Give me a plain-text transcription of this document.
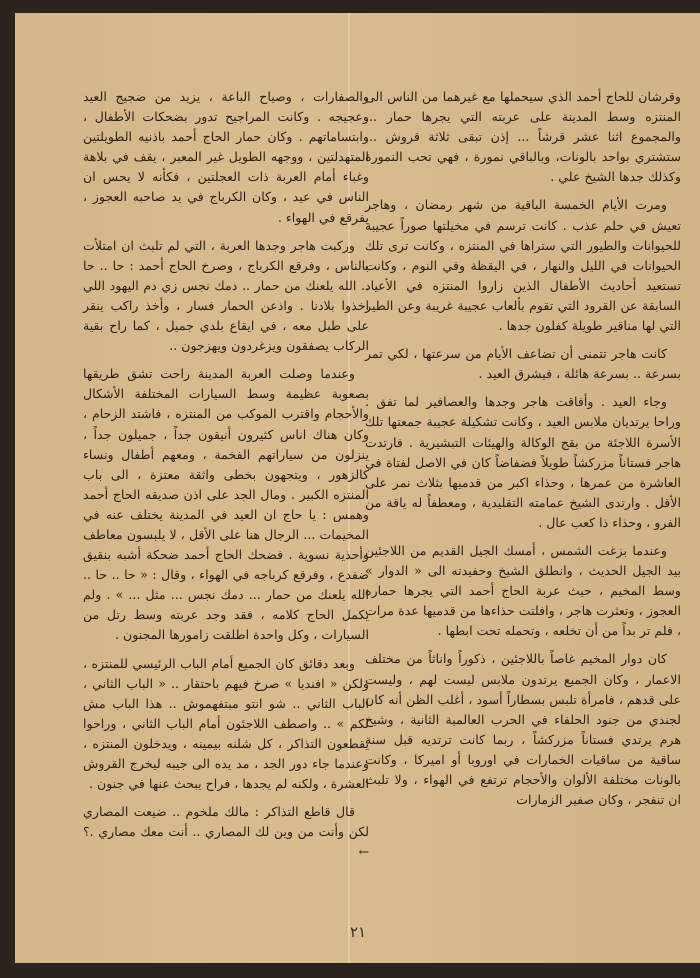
وقرشان للحاج أحمد الذي سيحملها مع غيرهما من الناس الى المنتزه وسط المدينة على عربته التي يجرها حمار ... والمجموع اثنا عشر قرشاً ... إذن تبقى ثلاثة قروش ... ستشتري بواحد بالونات، وبالباقي نمورة ، فهي تحب النمورة وكذلك جدها الشيخ علي .

ومرت الأيام الخمسة الباقية من شهر رمضان ، وهاجر تعيش في حلم عذب . كانت ترسم في مخيلتها صوراً عجيبة للحيوانات والطيور التي ستراها في المنتزه ، وكانت ترى تلك الحيوانات في الليل والنهار ، في اليقظة وفي النوم ، وكانت تستعيد أحاديث الأطفال الذين زاروا المنتزه في الأعياد السابقة عن القرود التي تقوم بألعاب عجيبة غريبة وعن الطير التي لها مناقير طويلة كفلون جدها .

كانت هاجر تتمنى أن تضاعف الأيام من سرعتها ، لكي تمر بسرعة .. بسرعة هائلة ، فيشرق العيد .

وجاء العيد . وأفاقت هاجر وجدها والعصافير لما تفق . وراحا يرتديان ملابس العيد ، وكانت تشكيلة عجيبة جمعتها تلك الأسرة اللاجئة من بقج الوكالة والهيئات التبشيرية . فارتدت هاجر فستاناً مزركشاً طويلاً فضفاضاً كان في الاصل لفتاة في العاشرة من عمرها ، وحذاء اكبر من قدميها بثلاث نمر على الأقل . وارتدى الشيخ عمامته التقليدية ، ومعطفاً له ياقة من الفرو ، وحذاء ذا كعب عال .

وعندما بزغت الشمس ، أمسك الجيل القديم من اللاجئين بيد الجيل الحديث ، وانطلق الشيخ وحفيدته الى « الدوار » وسط المخيم ، حيث عربة الحاج أحمد التي يجرها حماره العجوز ، وتعثرت هاجر ، وافلتت حذاءها من قدميها عدة مرات ، فلم تر بداً من أن تخلعه ، وتحمله تحت ابطها .

كان دوار المخيم غاصاً باللاجئين ، ذكوراً واناثاً من مختلف الاعمار ، وكان الجميع يرتدون ملابس ليست لهم ، وليست على قدهم ، فامرأة تلبس بسطاراً أسود ، أغلب الظن أنه كان لجندي من جنود الحلفاء في الحرب العالمية الثانية ، وشيخ هرم يرتدي فستاناً مزركشاً ، ربما كانت ترتديه قبل سنة ساقية من ساقيات الخمارات في اوروبا أو اميركا ، وكانت بالونات مختلفة الألوان والأحجام ترتفع في الهواء ، ولا تلبث ان تنفجر ، وكان صفير الزمارات

والصفارات ، وصياح الباعة ، يزيد من ضجيج العيد وعجيجه . وكانت المراجيح تدور بضحكات الأطفال ، وابتساماتهم . وكان حمار الحاج أحمد باذنيه الطويلتين المتهدلتين ، ووجهه الطويل غير المعبر ، يقف في بلاهة وغباء أمام العربة ذات العجلتين ، فكأنه لا يحس ان الناس في عيد ، وكان الكرباج في يد صاحبه العجوز ، يفرقع في الهواء .

وركبت هاجر وجدها العربة ، التي لم تلبث ان امتلأت بالناس ، وفرقع الكرباج ، وصرخ الحاج أحمد : حا .. حا .. الله يلعنك من حمار .. دمك نجس زي دم اليهود اللي اخذوا بلادنا . واذعن الحمار فسار ، وأخذ راكب ينقر على طبل معه ، في ايقاع بلدي جميل ، كما راح بقية الركاب يصفقون ويزغردون ويهزجون ..

وعندما وصلت العربة المدينة راحت تشق طريقها بصعوبة عظيمة وسط السيارات المختلفة الأشكال والأحجام واقترب الموكب من المنتزه ، فاشتد الزحام ، وكان هناك اناس كثيرون أنيقون جداً ، جميلون جداً ، ينزلون من سياراتهم الفخمة ، ومعهم أطفال ونساء كالزهور ، ويتجهون بخطى واثقة معتزة ، الى باب المنتزه الكبير . ومال الجد على اذن صديقه الحاج أحمد وهمس : يا حاج ان العيد في المدينة يختلف عنه في المخيمات ... الرجال هنا على الأقل ، لا يلبسون معاطف وأحذية نسوية . فضحك الحاج أحمد ضحكة أشبه بنقيق ضفدع ، وفرقع كرباجه في الهواء ، وقال : « حا .. حا .. الله يلعنك من حمار ... دمك نجس ... مثل ... » . ولم يكمل الحاج كلامه ، فقد وجد عربته وسط رتل من السيارات ، وكل واحدة اطلقت زامورها المجنون .

وبعد دقائق كان الجميع أمام الباب الرئيسي للمنتزه ، ولكن « افنديا » صرخ فيهم باحتقار .. « الباب الثاني ، الباب الثاني .. شو انتو مبتفهموش .. هذا الباب مش لكم » .. واصطف اللاجئون أمام الباب الثاني ، وراحوا يقطعون التذاكر ، كل شلنه بيمينه ، ويدخلون المنتزه ، وعندما جاء دور الجد ، مد يده الى جيبه ليخرج القروش العشرة ، ولكنه لم يجدها ، فراح يبحث عنها في جنون .

قال قاطع التذاكر : مالك ملخوم .. ضيعت المصاري لكن وأنت من وين لك المصاري .. أنت معك مصاري .؟ ←

٢١
